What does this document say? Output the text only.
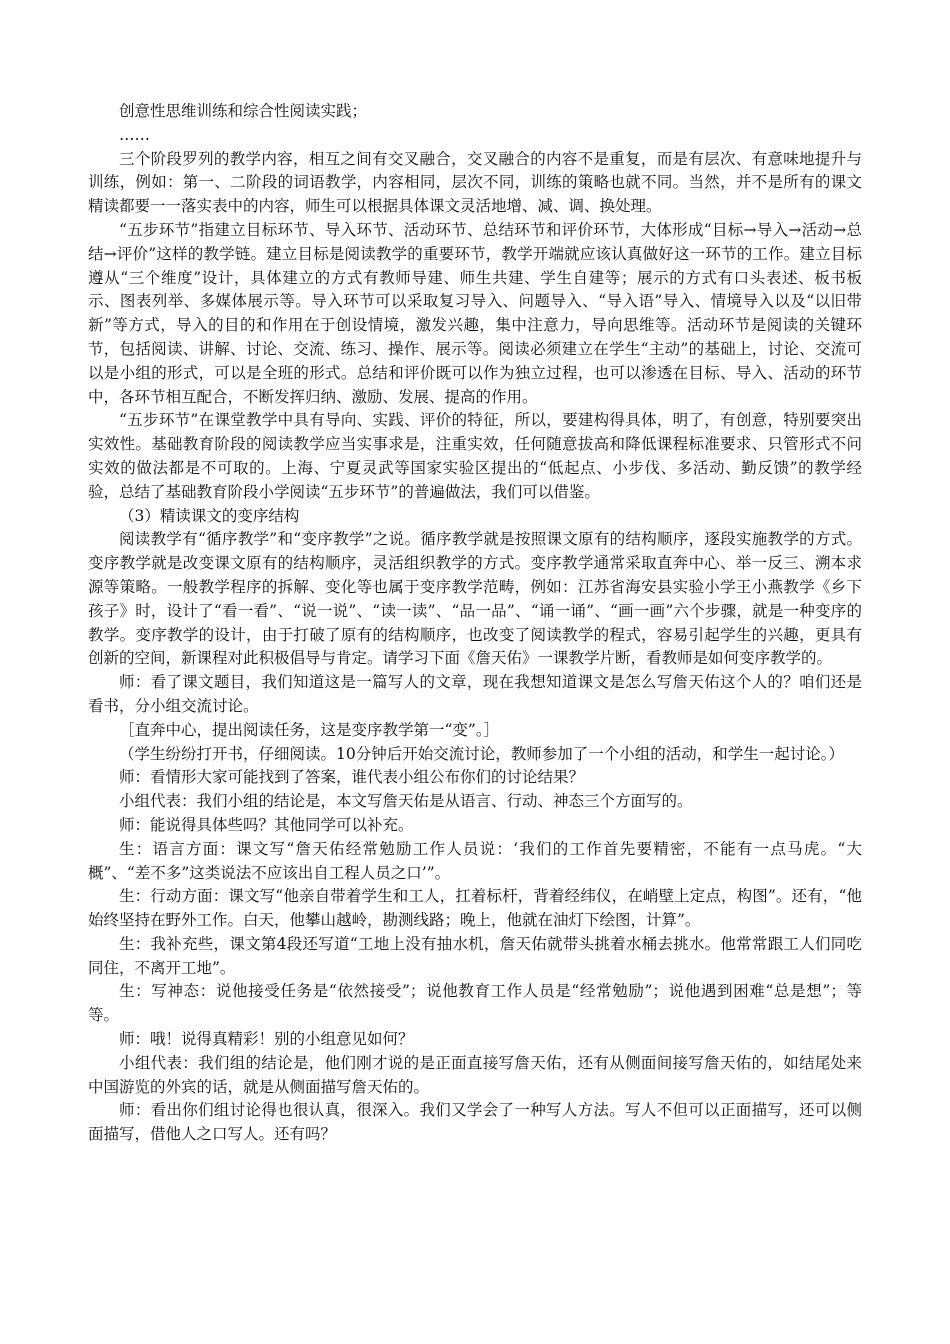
创意性思维训练和综合性阅读实践；

……

三个阶段罗列的教学内容，相互之间有交叉融合，交叉融合的内容不是重复，而是有层次、有意味地提升与训练，例如：第一、二阶段的词语教学，内容相同，层次不同，训练的策略也就不同。当然，并不是所有的课文精读都要一一落实表中的内容，师生可以根据具体课文灵活地增、减、调、换处理。

“五步环节”指建立目标环节、导入环节、活动环节、总结环节和评价环节，大体形成“目标→导入→活动→总结→评价”这样的教学链。建立目标是阅读教学的重要环节，教学开端就应该认真做好这一环节的工作。建立目标遵从“三个维度”设计，具体建立的方式有教师导建、师生共建、学生自建等；展示的方式有口头表述、板书板示、图表列举、多媒体展示等。导入环节可以采取复习导入、问题导入、“导入语”导入、情境导入以及“以旧带新”等方式，导入的目的和作用在于创设情境，激发兴趣，集中注意力，导向思维等。活动环节是阅读的关键环节，包括阅读、讲解、讨论、交流、练习、操作、展示等。阅读必须建立在学生“主动”的基础上，讨论、交流可以是小组的形式，可以是全班的形式。总结和评价既可以作为独立过程，也可以渗透在目标、导入、活动的环节中，各环节相互配合，不断发挥归纳、激励、发展、提高的作用。

“五步环节”在课堂教学中具有导向、实践、评价的特征，所以，要建构得具体，明了，有创意，特别要突出实效性。基础教育阶段的阅读教学应当实事求是，注重实效，任何随意拔高和降低课程标准要求、只管形式不问实效的做法都是不可取的。上海、宁夏灵武等国家实验区提出的“低起点、小步伐、多活动、勤反馈”的教学经验，总结了基础教育阶段小学阅读“五步环节”的普遍做法，我们可以借鉴。

（3）精读课文的变序结构

阅读教学有“循序教学”和“变序教学”之说。循序教学就是按照课文原有的结构顺序，逐段实施教学的方式。变序教学就是改变课文原有的结构顺序，灵活组织教学的方式。变序教学通常采取直奔中心、举一反三、溯本求源等策略。一般教学程序的拆解、变化等也属于变序教学范畴，例如：江苏省海安县实验小学王小燕教学《乡下孩子》时，设计了“看一看”、“说一说”、“读一读”、“品一品”、“诵一诵”、“画一画”六个步骤，就是一种变序的教学。变序教学的设计，由于打破了原有的结构顺序，也改变了阅读教学的程式，容易引起学生的兴趣，更具有创新的空间，新课程对此积极倡导与肯定。请学习下面《詹天佑》一课教学片断，看教师是如何变序教学的。

师：看了课文题目，我们知道这是一篇写人的文章，现在我想知道课文是怎么写詹天佑这个人的？咱们还是看书，分小组交流讨论。

［直奔中心，提出阅读任务，这是变序教学第一“变”。］

（学生纷纷打开书，仔细阅读。10分钟后开始交流讨论，教师参加了一个小组的活动，和学生一起讨论。）

师：看情形大家可能找到了答案，谁代表小组公布你们的讨论结果？

小组代表：我们小组的结论是，本文写詹天佑是从语言、行动、神态三个方面写的。

师：能说得具体些吗？其他同学可以补充。

生：语言方面：课文写“詹天佑经常勉励工作人员说：‘我们的工作首先要精密，不能有一点马虎。“大概”、“差不多”这类说法不应该出自工程人员之口’”。

生：行动方面：课文写“他亲自带着学生和工人，扛着标杆，背着经纬仪，在峭壁上定点，构图”。还有，“他始终坚持在野外工作。白天，他攀山越岭，勘测线路；晚上，他就在油灯下绘图，计算”。

生：我补充些，课文第4段还写道“工地上没有抽水机，詹天佑就带头挑着水桶去挑水。他常常跟工人们同吃同住，不离开工地”。

生：写神态：说他接受任务是“依然接受”；说他教育工作人员是“经常勉励”；说他遇到困难“总是想”；等等。

师：哦！说得真精彩！别的小组意见如何？

小组代表：我们组的结论是，他们刚才说的是正面直接写詹天佑，还有从侧面间接写詹天佑的，如结尾处来中国游览的外宾的话，就是从侧面描写詹天佑的。

师：看出你们组讨论得也很认真，很深入。我们又学会了一种写人方法。写人不但可以正面描写，还可以侧面描写，借他人之口写人。还有吗？
